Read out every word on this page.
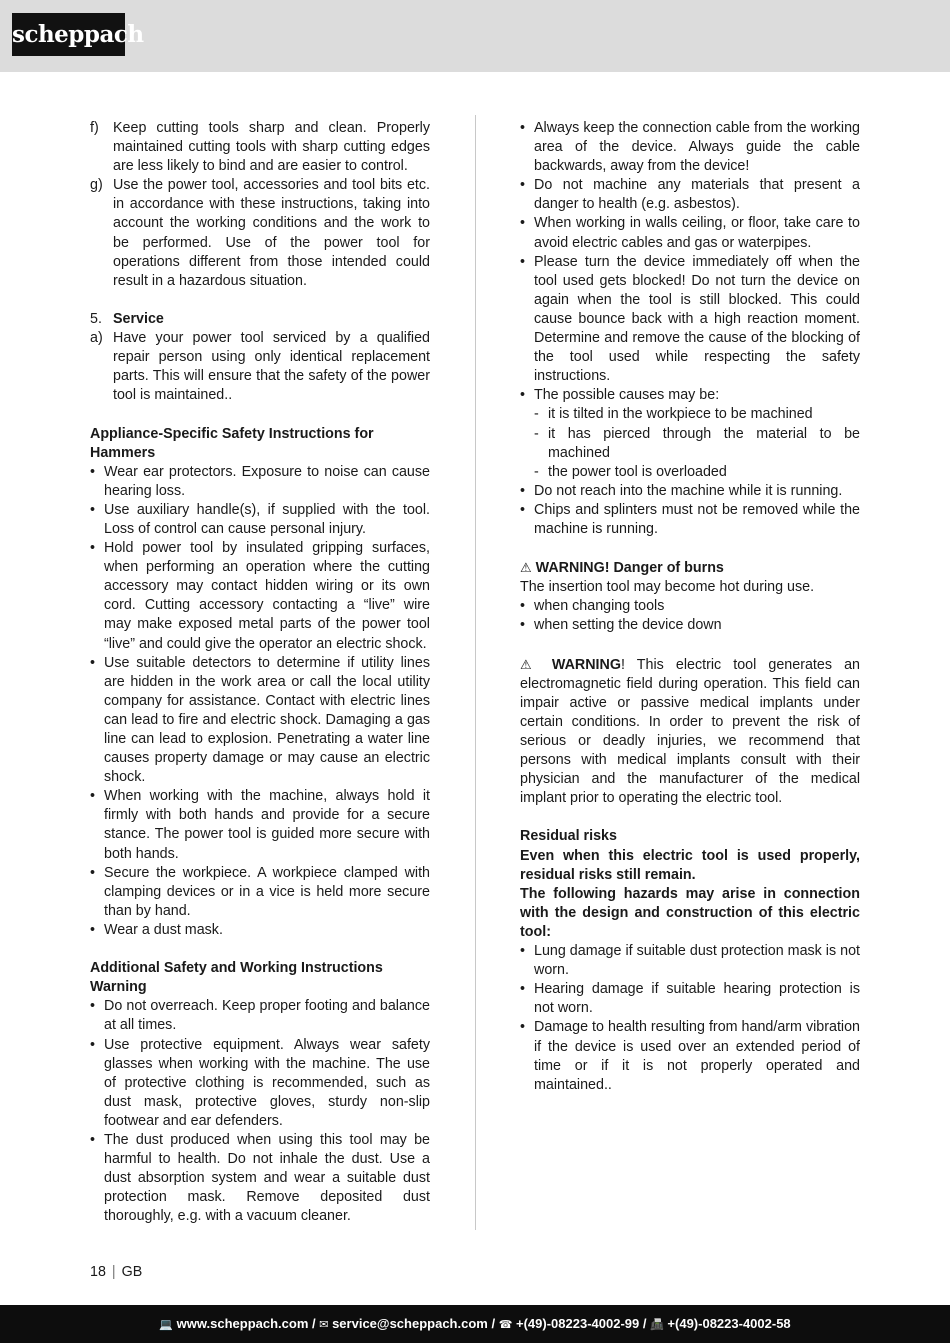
scheppach
f) Keep cutting tools sharp and clean. Properly maintained cutting tools with sharp cutting edges are less likely to bind and are easier to control.
g) Use the power tool, accessories and tool bits etc. in accordance with these instructions, taking into account the working conditions and the work to be performed. Use of the power tool for operations different from those intended could result in a hazardous situation.
5. Service
a) Have your power tool serviced by a qualified repair person using only identical replacement parts. This will ensure that the safety of the power tool is maintained..
Appliance-Specific Safety Instructions for Hammers
• Wear ear protectors. Exposure to noise can cause hearing loss.
• Use auxiliary handle(s), if supplied with the tool. Loss of control can cause personal injury.
• Hold power tool by insulated gripping surfaces, when performing an operation where the cutting accessory may contact hidden wiring or its own cord. Cutting accessory contacting a “live” wire may make exposed metal parts of the power tool “live” and could give the operator an electric shock.
• Use suitable detectors to determine if utility lines are hidden in the work area or call the local utility company for assistance. Contact with electric lines can lead to fire and electric shock. Damaging a gas line can lead to explosion. Penetrating a water line causes property damage or may cause an electric shock.
• When working with the machine, always hold it firmly with both hands and provide for a secure stance. The power tool is guided more secure with both hands.
• Secure the workpiece. A workpiece clamped with clamping devices or in a vice is held more secure than by hand.
• Wear a dust mask.
Additional Safety and Working Instructions Warning
• Do not overreach. Keep proper footing and balance at all times.
• Use protective equipment. Always wear safety glasses when working with the machine. The use of protective clothing is recommended, such as dust mask, protective gloves, sturdy non-slip footwear and ear defenders.
• The dust produced when using this tool may be harmful to health. Do not inhale the dust. Use a dust absorption system and wear a suitable dust protection mask. Remove deposited dust thoroughly, e.g. with a vacuum cleaner.
• Always keep the connection cable from the working area of the device. Always guide the cable backwards, away from the device!
• Do not machine any materials that present a danger to health (e.g. asbestos).
• When working in walls ceiling, or floor, take care to avoid electric cables and gas or waterpipes.
• Please turn the device immediately off when the tool used gets blocked! Do not turn the device on again when the tool is still blocked. This could cause bounce back with a high reaction moment. Determine and remove the cause of the blocking of the tool used while respecting the safety instructions.
• The possible causes may be:
- it is tilted in the workpiece to be machined
- it has pierced through the material to be machined
- the power tool is overloaded
• Do not reach into the machine while it is running.
• Chips and splinters must not be removed while the machine is running.
⚠ WARNING! Danger of burns
The insertion tool may become hot during use.
• when changing tools
• when setting the device down
⚠ WARNING! This electric tool generates an electromagnetic field during operation. This field can impair active or passive medical implants under certain conditions. In order to prevent the risk of serious or deadly injuries, we recommend that persons with medical implants consult with their physician and the manufacturer of the medical implant prior to operating the electric tool.
Residual risks
Even when this electric tool is used properly, residual risks still remain.
The following hazards may arise in connection with the design and construction of this electric tool:
• Lung damage if suitable dust protection mask is not worn.
• Hearing damage if suitable hearing protection is not worn.
• Damage to health resulting from hand/arm vibration if the device is used over an extended period of time or if it is not properly operated and maintained..
18 | GB
💻 www.scheppach.com / ✉ service@scheppach.com / ☎ +(49)-08223-4002-99 / 📠 +(49)-08223-4002-58
